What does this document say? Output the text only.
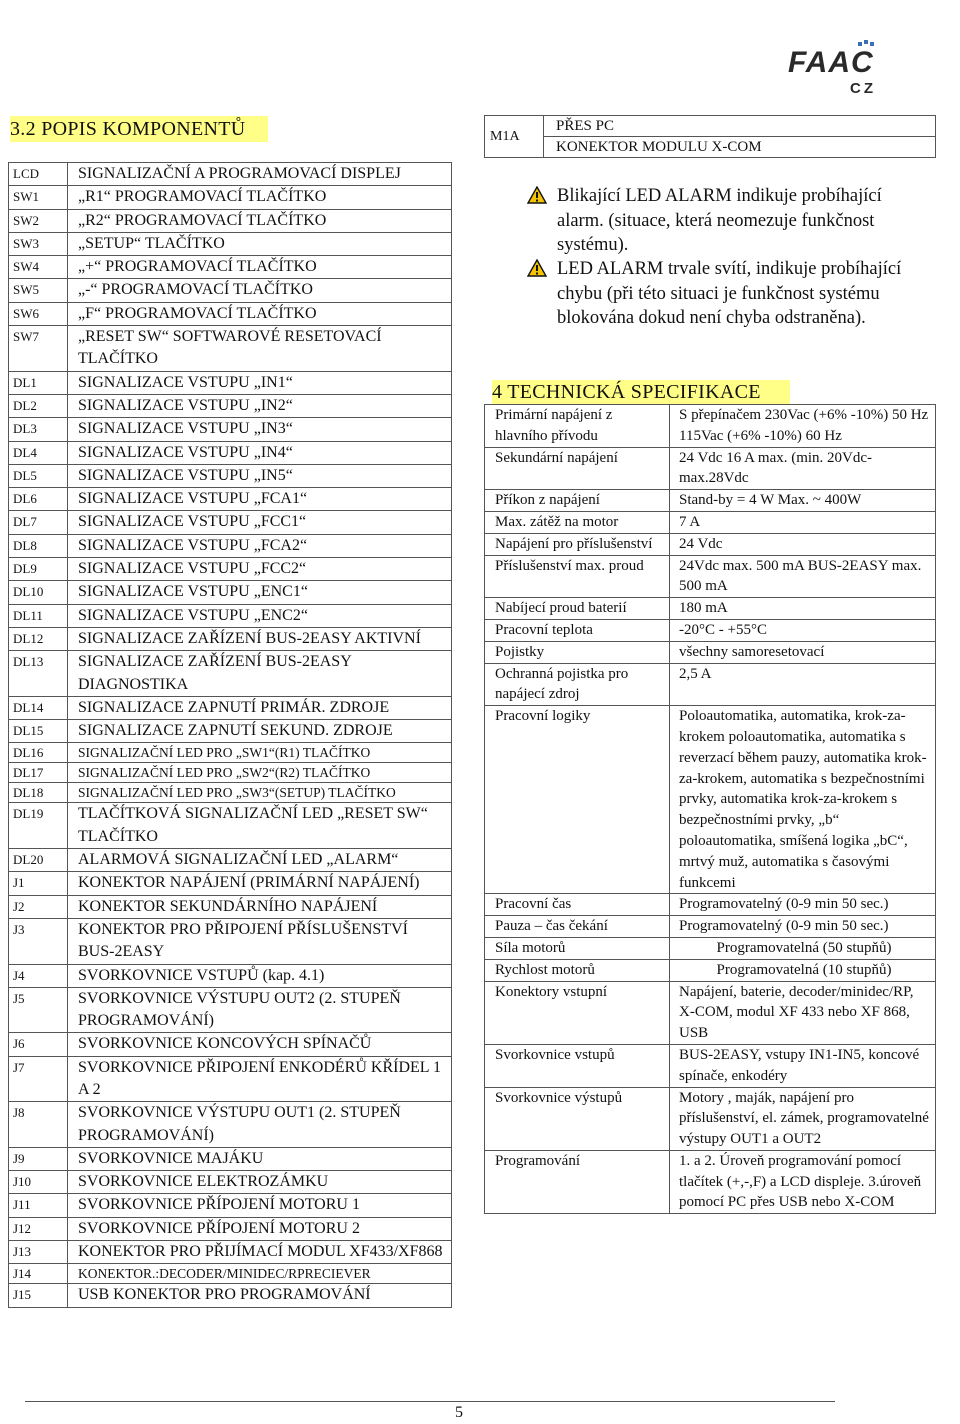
FAAC
CZ
3.2 POPIS KOMPONENTŮ
LCD	SIGNALIZAČNÍ A PROGRAMOVACÍ DISPLEJ
SW1	„R1“ PROGRAMOVACÍ TLAČÍTKO
SW2	„R2“ PROGRAMOVACÍ TLAČÍTKO
SW3	„SETUP“ TLAČÍTKO
SW4	„+“ PROGRAMOVACÍ TLAČÍTKO
SW5	„-“ PROGRAMOVACÍ TLAČÍTKO
SW6	„F“ PROGRAMOVACÍ TLAČÍTKO
SW7	„RESET SW“ SOFTWAROVÉ RESETOVACÍ TLAČÍTKO
DL1	SIGNALIZACE VSTUPU „IN1“
DL2	SIGNALIZACE VSTUPU „IN2“
DL3	SIGNALIZACE VSTUPU „IN3“
DL4	SIGNALIZACE VSTUPU „IN4“
DL5	SIGNALIZACE VSTUPU „IN5“
DL6	SIGNALIZACE VSTUPU „FCA1“
DL7	SIGNALIZACE VSTUPU „FCC1“
DL8	SIGNALIZACE VSTUPU „FCA2“
DL9	SIGNALIZACE VSTUPU „FCC2“
DL10	SIGNALIZACE VSTUPU „ENC1“
DL11	SIGNALIZACE VSTUPU „ENC2“
DL12	SIGNALIZACE ZAŘÍZENÍ BUS-2EASY AKTIVNÍ
DL13	SIGNALIZACE ZAŘÍZENÍ BUS-2EASY DIAGNOSTIKA
DL14	SIGNALIZACE ZAPNUTÍ PRIMÁR. ZDROJE
DL15	SIGNALIZACE ZAPNUTÍ SEKUND. ZDROJE
DL16	SIGNALIZAČNÍ LED PRO „SW1“(R1) TLAČÍTKO
DL17	SIGNALIZAČNÍ LED PRO „SW2“(R2) TLAČÍTKO
DL18	SIGNALIZAČNÍ LED PRO „SW3“(SETUP) TLAČÍTKO
DL19	TLAČÍTKOVÁ SIGNALIZAČNÍ LED „RESET SW“ TLAČÍTKO
DL20	ALARMOVÁ SIGNALIZAČNÍ LED „ALARM“
J1	KONEKTOR NAPÁJENÍ (PRIMÁRNÍ NAPÁJENÍ)
J2	KONEKTOR SEKUNDÁRNÍHO NAPÁJENÍ
J3	KONEKTOR PRO PŘIPOJENÍ PŘÍSLUŠENSTVÍ BUS-2EASY
J4	SVORKOVNICE VSTUPŮ (kap. 4.1)
J5	SVORKOVNICE VÝSTUPU OUT2 (2. STUPEŇ PROGRAMOVÁNÍ)
J6	SVORKOVNICE KONCOVÝCH SPÍNAČŮ
J7	SVORKOVNICE PŘIPOJENÍ ENKODÉRŮ KŘÍDEL 1 A 2
J8	SVORKOVNICE VÝSTUPU OUT1 (2. STUPEŇ PROGRAMOVÁNÍ)
J9	SVORKOVNICE MAJÁKU
J10	SVORKOVNICE ELEKTROZÁMKU
J11	SVORKOVNICE PŘÍPOJENÍ MOTORU 1
J12	SVORKOVNICE PŘÍPOJENÍ MOTORU 2
J13	KONEKTOR PRO PŘIJÍMACÍ MODUL XF433/XF868
J14	KONEKTOR.:DECODER/MINIDEC/RPRECIEVER
J15	USB KONEKTOR PRO PROGRAMOVÁNÍ
M1A	PŘES PC
KONEKTOR MODULU X-COM
Blikající LED ALARM indikuje probíhající alarm. (situace, která neomezuje funkčnost systému).
LED ALARM trvale svítí, indikuje probíhající chybu (při této situaci je funkčnost systému blokována dokud není chyba odstraněna).
4 TECHNICKÁ SPECIFIKACE
Primární napájení z hlavního přívodu	S přepínačem 230Vac (+6% -10%) 50 Hz 115Vac (+6% -10%) 60 Hz
Sekundární napájení	24 Vdc 16 A max. (min. 20Vdc-max.28Vdc
Příkon z napájení	Stand-by = 4 W Max. ~ 400W
Max. zátěž na motor	7 A
Napájení pro příslušenství	24 Vdc
Příslušenství max. proud	24Vdc max. 500 mA BUS-2EASY max. 500 mA
Nabíjecí proud baterií	180 mA
Pracovní teplota	-20°C - +55°C
Pojistky	všechny samoresetovací
Ochranná pojistka pro napájecí zdroj	2,5 A
Pracovní logiky	Poloautomatika, automatika, krok-za-krokem poloautomatika, automatika s reverzací během pauzy, automatika krok-za-krokem, automatika s bezpečnostními prvky, automatika krok-za-krokem s bezpečnostními prvky, „b“ poloautomatika, smíšená logika „bC“, mrtvý muž, automatika s časovými funkcemi
Pracovní čas	Programovatelný (0-9 min 50 sec.)
Pauza – čas čekání	Programovatelný (0-9 min 50 sec.)
Síla motorů	Programovatelná (50 stupňů)
Rychlost motorů	Programovatelná (10 stupňů)
Konektory vstupní	Napájení, baterie, decoder/minidec/RP, X-COM, modul XF 433 nebo XF 868, USB
Svorkovnice vstupů	BUS-2EASY, vstupy IN1-IN5, koncové spínače, enkodéry
Svorkovnice výstupů	Motory , maják, napájení pro příslušenství, el. zámek, programovatelné výstupy OUT1 a OUT2
Programování	1. a 2. Úroveň programování pomocí tlačítek (+,-,F) a LCD displeje. 3.úroveň pomocí PC přes USB nebo X-COM
5
